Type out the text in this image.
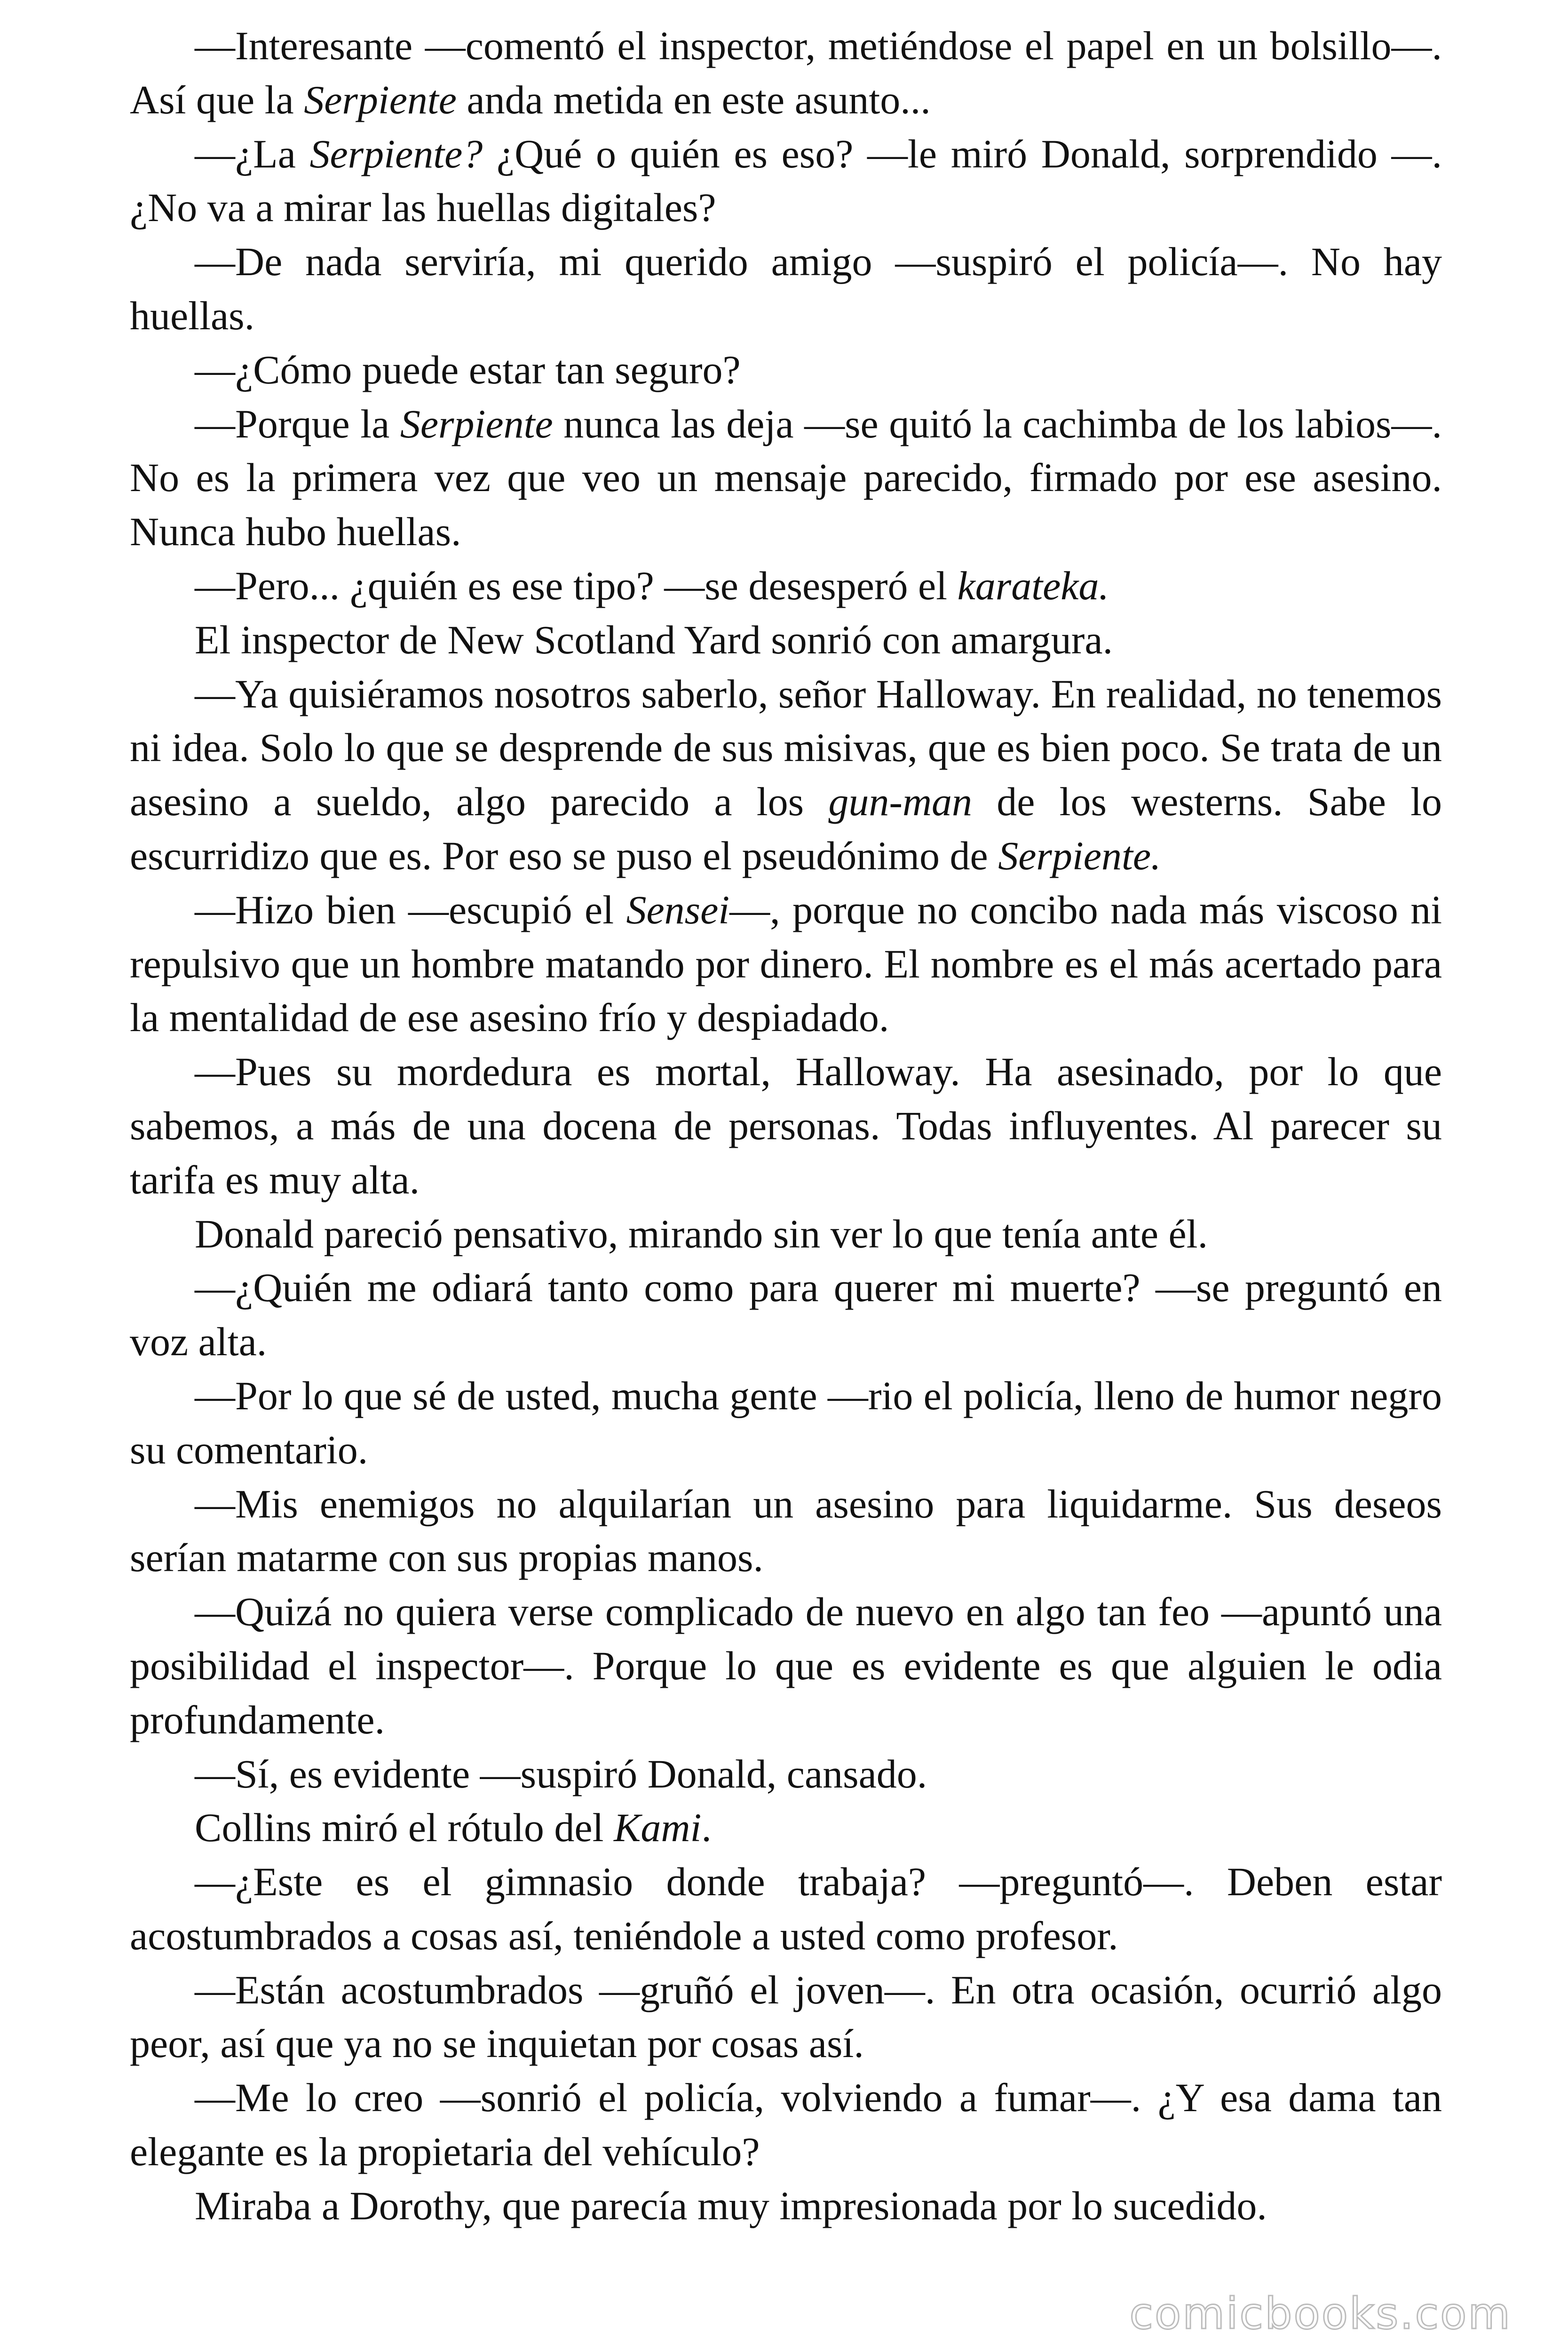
—Interesante —comentó el inspector, metiéndose el papel en un bolsillo—. Así que la Serpiente anda metida en este asunto...

—¿La Serpiente? ¿Qué o quién es eso? —le miró Donald, sorprendido —. ¿No va a mirar las huellas digitales?

—De nada serviría, mi querido amigo —suspiró el policía—. No hay huellas.

—¿Cómo puede estar tan seguro?

—Porque la Serpiente nunca las deja —se quitó la cachimba de los labios—. No es la primera vez que veo un mensaje parecido, firmado por ese asesino. Nunca hubo huellas.

—Pero... ¿quién es ese tipo? —se desesperó el karateka.

El inspector de New Scotland Yard sonrió con amargura.

—Ya quisiéramos nosotros saberlo, señor Halloway. En realidad, no tenemos ni idea. Solo lo que se desprende de sus misivas, que es bien poco. Se trata de un asesino a sueldo, algo parecido a los gun-man de los westerns. Sabe lo escurridizo que es. Por eso se puso el pseudónimo de Serpiente.

—Hizo bien —escupió el Sensei—, porque no concibo nada más viscoso ni repulsivo que un hombre matando por dinero. El nombre es el más acertado para la mentalidad de ese asesino frío y despiadado.

—Pues su mordedura es mortal, Halloway. Ha asesinado, por lo que sabemos, a más de una docena de personas. Todas influyentes. Al parecer su tarifa es muy alta.

Donald pareció pensativo, mirando sin ver lo que tenía ante él.

—¿Quién me odiará tanto como para querer mi muerte? —se preguntó en voz alta.

—Por lo que sé de usted, mucha gente —rio el policía, lleno de humor negro su comentario.

—Mis enemigos no alquilarían un asesino para liquidarme. Sus deseos serían matarme con sus propias manos.

—Quizá no quiera verse complicado de nuevo en algo tan feo —apuntó una posibilidad el inspector—. Porque lo que es evidente es que alguien le odia profundamente.

—Sí, es evidente —suspiró Donald, cansado.

Collins miró el rótulo del Kami.

—¿Este es el gimnasio donde trabaja? —preguntó—. Deben estar acostumbrados a cosas así, teniéndole a usted como profesor.

—Están acostumbrados —gruñó el joven—. En otra ocasión, ocurrió algo peor, así que ya no se inquietan por cosas así.

—Me lo creo —sonrió el policía, volviendo a fumar—. ¿Y esa dama tan elegante es la propietaria del vehículo?

Miraba a Dorothy, que parecía muy impresionada por lo sucedido.

comicbooks.com
